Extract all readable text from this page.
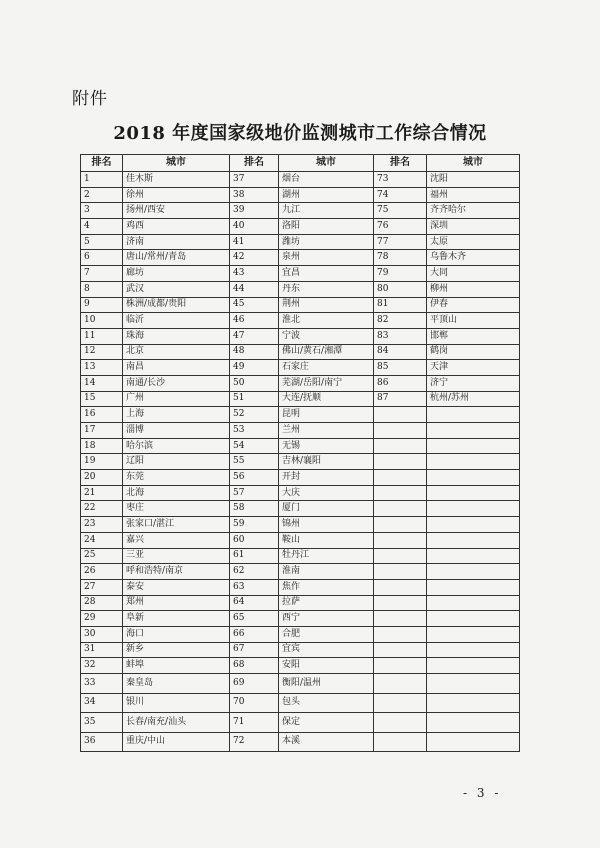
附件
2018 年度国家级地价监测城市工作综合情况
排名	城市	排名	城市	排名	城市
1	佳木斯	37	烟台	73	沈阳
2	徐州	38	湖州	74	福州
3	扬州/西安	39	九江	75	齐齐哈尔
4	鸡西	40	洛阳	76	深圳
5	济南	41	潍坊	77	太原
6	唐山/常州/青岛	42	泉州	78	乌鲁木齐
7	廊坊	43	宜昌	79	大同
8	武汉	44	丹东	80	柳州
9	株洲/成都/贵阳	45	荆州	81	伊春
10	临沂	46	淮北	82	平顶山
11	珠海	47	宁波	83	邯郸
12	北京	48	佛山/黄石/湘潭	84	鹤岗
13	南昌	49	石家庄	85	天津
14	南通/长沙	50	芜湖/岳阳/南宁	86	济宁
15	广州	51	大连/抚顺	87	杭州/苏州
16	上海	52	昆明		
17	淄博	53	兰州		
18	哈尔滨	54	无锡		
19	辽阳	55	吉林/襄阳		
20	东莞	56	开封		
21	北海	57	大庆		
22	枣庄	58	厦门		
23	张家口/湛江	59	锦州		
24	嘉兴	60	鞍山		
25	三亚	61	牡丹江		
26	呼和浩特/南京	62	淮南		
27	泰安	63	焦作		
28	郑州	64	拉萨		
29	阜新	65	西宁		
30	海口	66	合肥		
31	新乡	67	宜宾		
32	蚌埠	68	安阳		
33	秦皇岛	69	衡阳/温州		
34	银川	70	包头		
35	长春/南充/汕头	71	保定		
36	重庆/中山	72	本溪		
- 3 -
